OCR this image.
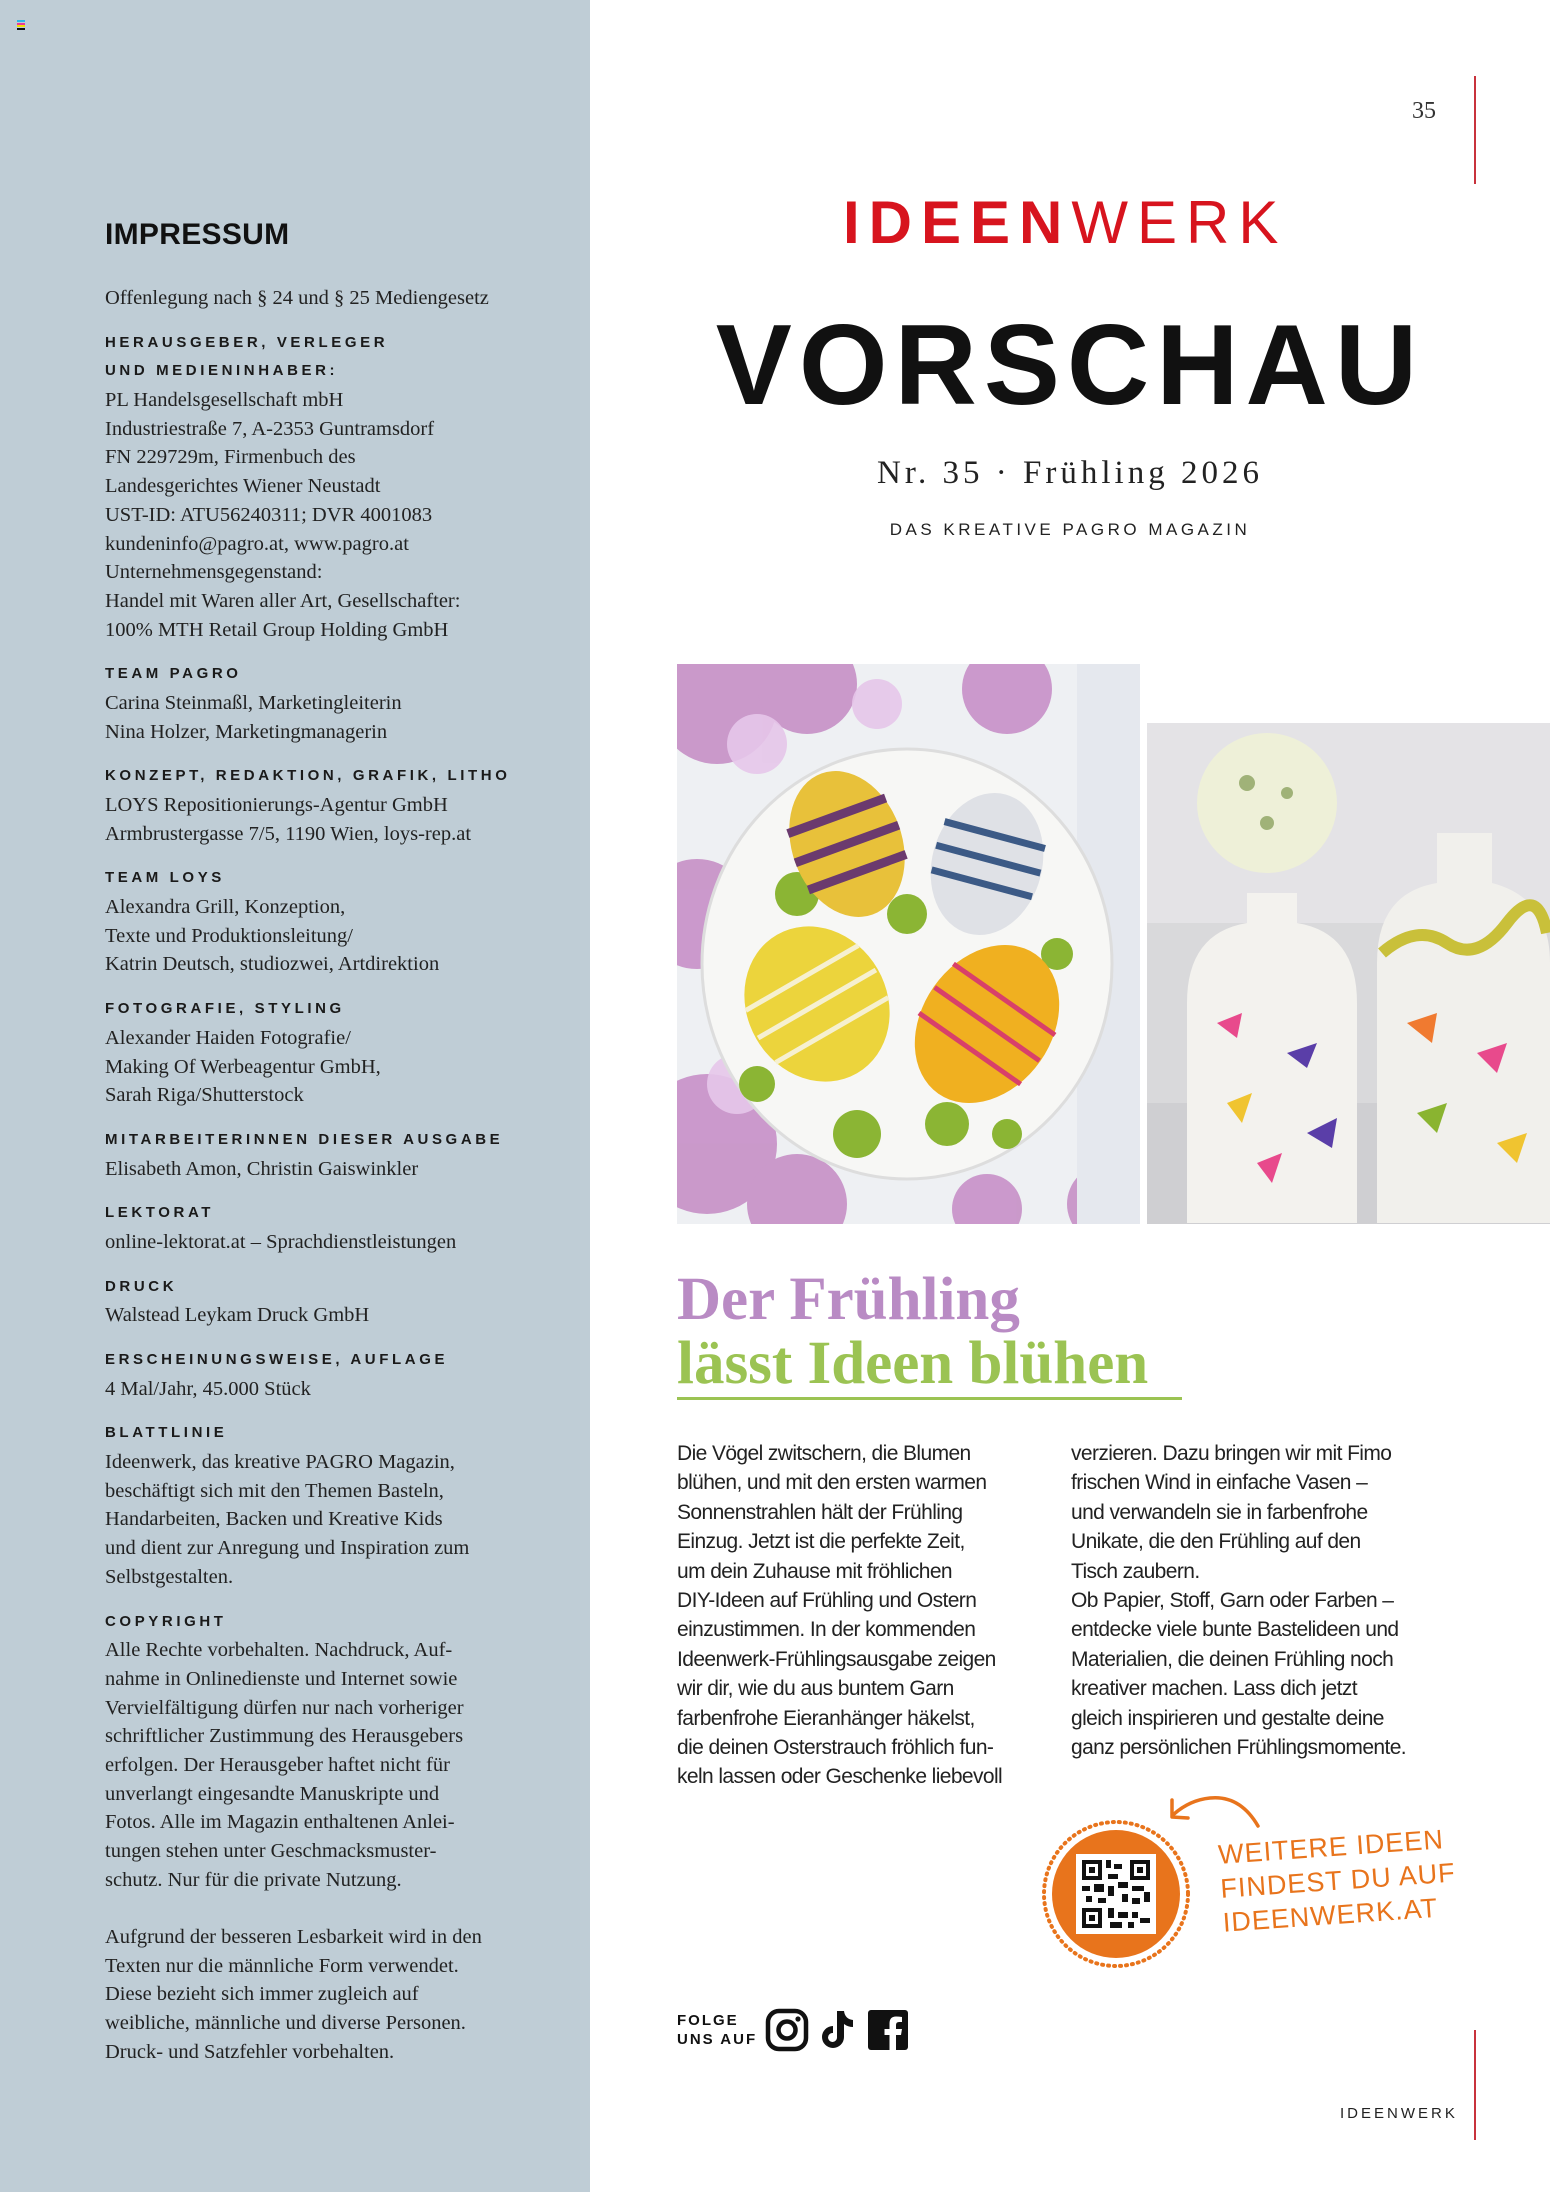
IMPRESSUM
Offenlegung nach § 24 und § 25 Mediengesetz
HERAUSGEBER, VERLEGER
UND MEDIENINHABER:
PL Handelsgesellschaft mbH
Industriestraße 7, A-2353 Guntramsdorf
FN 229729m, Firmenbuch des
Landesgerichtes Wiener Neustadt
UST-ID: ATU56240311; DVR 4001083
kundeninfo@pagro.at, www.pagro.at
Unternehmensgegenstand:
Handel mit Waren aller Art, Gesellschafter:
100% MTH Retail Group Holding GmbH
TEAM PAGRO
Carina Steinmaßl, Marketingleiterin
Nina Holzer, Marketingmanagerin
KONZEPT, REDAKTION, GRAFIK, LITHO
LOYS Repositionierungs-Agentur GmbH
Armbrustergasse 7/5, 1190 Wien, loys-rep.at
TEAM LOYS
Alexandra Grill, Konzeption,
Texte und Produktionsleitung/
Katrin Deutsch, studiozwei, Artdirektion
FOTOGRAFIE, STYLING
Alexander Haiden Fotografie/
Making Of Werbeagentur GmbH,
Sarah Riga/Shutterstock
MITARBEITERINNEN DIESER AUSGABE
Elisabeth Amon, Christin Gaiswinkler
LEKTORAT
online-lektorat.at – Sprachdienstleistungen
DRUCK
Walstead Leykam Druck GmbH
ERSCHEINUNGSWEISE, AUFLAGE
4 Mal/Jahr, 45.000 Stück
BLATTLINIE
Ideenwerk, das kreative PAGRO Magazin,
beschäftigt sich mit den Themen Basteln,
Handarbeiten, Backen und Kreative Kids
und dient zur Anregung und Inspiration zum
Selbstgestalten.
COPYRIGHT
Alle Rechte vorbehalten. Nachdruck, Auf-
nahme in Onlinedienste und Internet sowie
Vervielfältigung dürfen nur nach vorheriger
schriftlicher Zustimmung des Herausgebers
erfolgen. Der Herausgeber haftet nicht für
unverlangt eingesandte Manuskripte und
Fotos. Alle im Magazin enthaltenen Anlei-
tungen stehen unter Geschmacksmuster-
schutz. Nur für die private Nutzung.
Aufgrund der besseren Lesbarkeit wird in den
Texten nur die männliche Form verwendet.
Diese bezieht sich immer zugleich auf
weibliche, männliche und diverse Personen.
Druck- und Satzfehler vorbehalten.
35
IDEENWERK
VORSCHAU
Nr. 35 · Frühling 2026
DAS KREATIVE PAGRO MAGAZIN
Der Frühling
lässt Ideen blühen
Die Vögel zwitschern, die Blumen
blühen, und mit den ersten warmen
Sonnenstrahlen hält der Frühling
Einzug. Jetzt ist die perfekte Zeit,
um dein Zuhause mit fröhlichen
DIY-Ideen auf Frühling und Ostern
einzustimmen. In der kommenden
Ideenwerk-Frühlingsausgabe zeigen
wir dir, wie du aus buntem Garn
farbenfrohe Eieranhänger häkelst,
die deinen Osterstrauch fröhlich fun-
keln lassen oder Geschenke liebevoll
verzieren. Dazu bringen wir mit Fimo
frischen Wind in einfache Vasen –
und verwandeln sie in farbenfrohe
Unikate, die den Frühling auf den
Tisch zaubern.
Ob Papier, Stoff, Garn oder Farben –
entdecke viele bunte Bastelideen und
Materialien, die deinen Frühling noch
kreativer machen. Lass dich jetzt
gleich inspirieren und gestalte deine
ganz persönlichen Frühlingsmomente.
WEITERE IDEEN
FINDEST DU AUF
IDEENWERK.AT
FOLGE
UNS AUF
IDEENWERK
